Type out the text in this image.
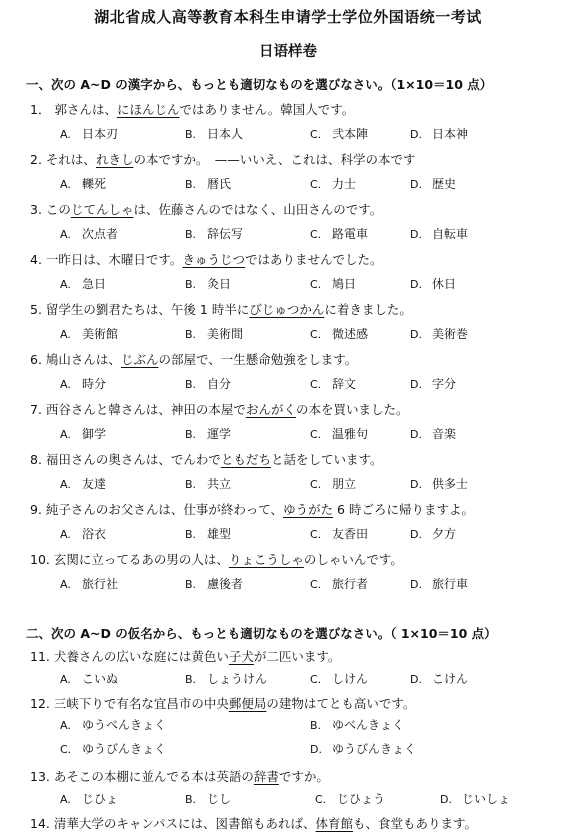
湖北省成人高等教育本科生申请学士学位外国语统一考试
日语样卷
一、次の A~D の漢字から、もっとも適切なものを選びなさい。（1×10＝10 点）
1． 郭さんは、にほんじんではありません。韓国人です。
A. 日本刃	B. 日本人	C. 弐本陣	D. 日本神
2. それは、れきしの本ですか。　——いいえ、これは、科学の本です
A. 轢死	B. 暦氏	C. 力士	D. 歴史
3. このじてんしゃは、佐藤さんのではなく、山田さんのです。
A. 次点者	B. 辞伝写	C. 路電車	D. 自転車
4. 一昨日は、木曜日です。きゅうじつではありませんでした。
A. 急日	B. 灸日	C. 鳩日	D. 休日
5. 留学生の劉君たちは、午後 1 時半にびじゅつかんに着きました。
A. 美術館	B. 美術間	C. 微述感	D. 美術巻
6. 鳩山さんは、じぶんの部屋で、一生懸命勉強をします。
A. 時分	B. 自分	C. 辞文	D. 字分
7. 西谷さんと韓さんは、神田の本屋でおんがくの本を買いました。
A. 御学	B. 運学	C. 温雅句	D. 音楽
8. 福田さんの奥さんは、でんわでともだちと話をしています。
A. 友達	B. 共立	C. 朋立	D. 供多士
9. 純子さんのお父さんは、仕事が終わって、ゆうがた 6 時ごろに帰りますよ。
A. 浴衣	B. 雄型	C. 友香田	D. 夕方
10. 玄関に立ってるあの男の人は、りょこうしゃのしゃいんです。
A. 旅行社	B. 慮後者	C. 旅行者	D. 旅行車
二、次の A~D の仮名から、もっとも適切なものを選びなさい。（ 1×10＝10 点）
11. 犬養さんの広いな庭には黄色い子犬が二匹います。
A. こいぬ	B. しょうけん	C. しけん	D. こけん
12. 三峡下りで有名な宜昌市の中央郵便局の建物はてとも高いです。
A. ゆうべんきょく	B. ゆべんきょく
C. ゆうびんきょく	D. ゆうびんきょく
13. あそこの本棚に並んでる本は英語の辞書ですか。
A. じひょ	B. じし	C. じひょう	D. じいしょ
14. 清華大学のキャンパスには、図書館もあれば、体育館も、食堂もあります。
